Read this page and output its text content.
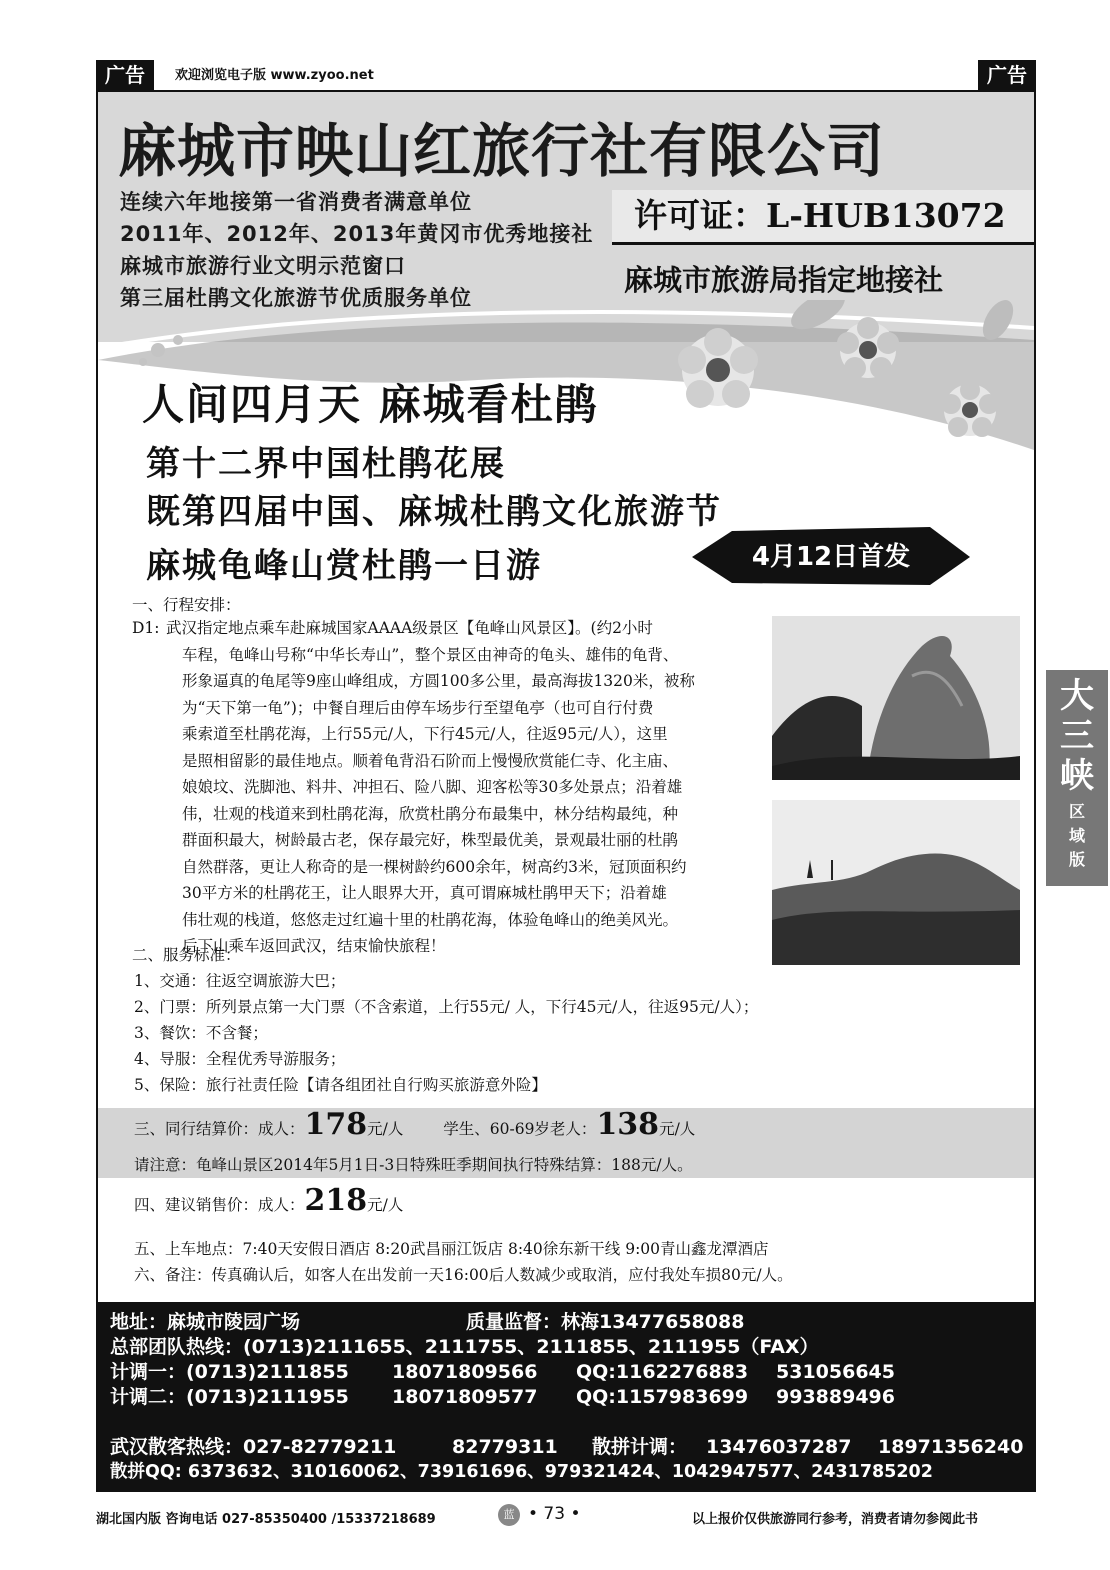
广告	欢迎浏览电子版 www.zyoo.net	广告
麻城市映山红旅行社有限公司
连续六年地接第一省消费者满意单位
2011年、2012年、2013年黄冈市优秀地接社
麻城市旅游行业文明示范窗口
第三届杜鹃文化旅游节优质服务单位
许可证：L-HUB13072
麻城市旅游局指定地接社
人间四月天 麻城看杜鹃
第十二界中国杜鹃花展
既第四届中国、麻城杜鹃文化旅游节
麻城龟峰山赏杜鹃一日游	4月12日首发
一、行程安排：
D1: 武汉指定地点乘车赴麻城国家AAAA级景区【龟峰山风景区】。(约2小时
车程，龟峰山号称“中华长寿山”，整个景区由神奇的龟头、雄伟的龟背、
形象逼真的龟尾等9座山峰组成，方圆100多公里，最高海拔1320米，被称
为“天下第一龟”)；中餐自理后由停车场步行至望龟亭（也可自行付费
乘索道至杜鹃花海，上行55元/人，下行45元/人，往返95元/人），这里
是照相留影的最佳地点。顺着龟背沿石阶而上慢慢欣赏能仁寺、化主庙、
娘娘坟、洗脚池、料井、冲担石、险八脚、迎客松等30多处景点；沿着雄
伟，壮观的栈道来到杜鹃花海，欣赏杜鹃分布最集中，林分结构最纯，种
群面积最大，树龄最古老，保存最完好，株型最优美，景观最壮丽的杜鹃
自然群落，更让人称奇的是一棵树龄约600余年，树高约3米，冠顶面积约
30平方米的杜鹃花王，让人眼界大开，真可谓麻城杜鹃甲天下；沿着雄
伟壮观的栈道，悠悠走过红遍十里的杜鹃花海，体验龟峰山的绝美风光。
后下山乘车返回武汉，结束愉快旅程！
二、服务标准：
1、交通：往返空调旅游大巴；
2、门票：所列景点第一大门票（不含索道，上行55元/ 人，下行45元/人，往返95元/人）；
3、餐饮：不含餐；
4、导服：全程优秀导游服务；
5、保险：旅行社责任险【请各组团社自行购买旅游意外险】
三、同行结算价：成人：178元/人	学生、60-69岁老人：138元/人
请注意：龟峰山景区2014年5月1日-3日特殊旺季期间执行特殊结算：188元/人。
四、建议销售价：成人：218元/人
五、上车地点：7:40天安假日酒店 8:20武昌丽江饭店 8:40徐东新干线 9:00青山鑫龙潭酒店
六、备注：传真确认后，如客人在出发前一天16:00后人数减少或取消，应付我处车损80元/人。
地址：麻城市陵园广场	质量监督：林海13477658088
总部团队热线：(0713)2111655、2111755、2111855、2111955（FAX）
计调一：(0713)2111855 18071809566 QQ:1162276883 531056645
计调二：(0713)2111955 18071809577 QQ:1157983699 993889496
武汉散客热线：027-82779211	82779311 散拼计调： 13476037287 18971356240
散拼QQ: 6373632、310160062、739161696、979321424、1042947577、2431785202
大三峡
区
域
版
湖北国内版 咨询电话 027-85350400 /15337218689	蓝 • 73 •	以上报价仅供旅游同行参考，消费者请勿参阅此书
